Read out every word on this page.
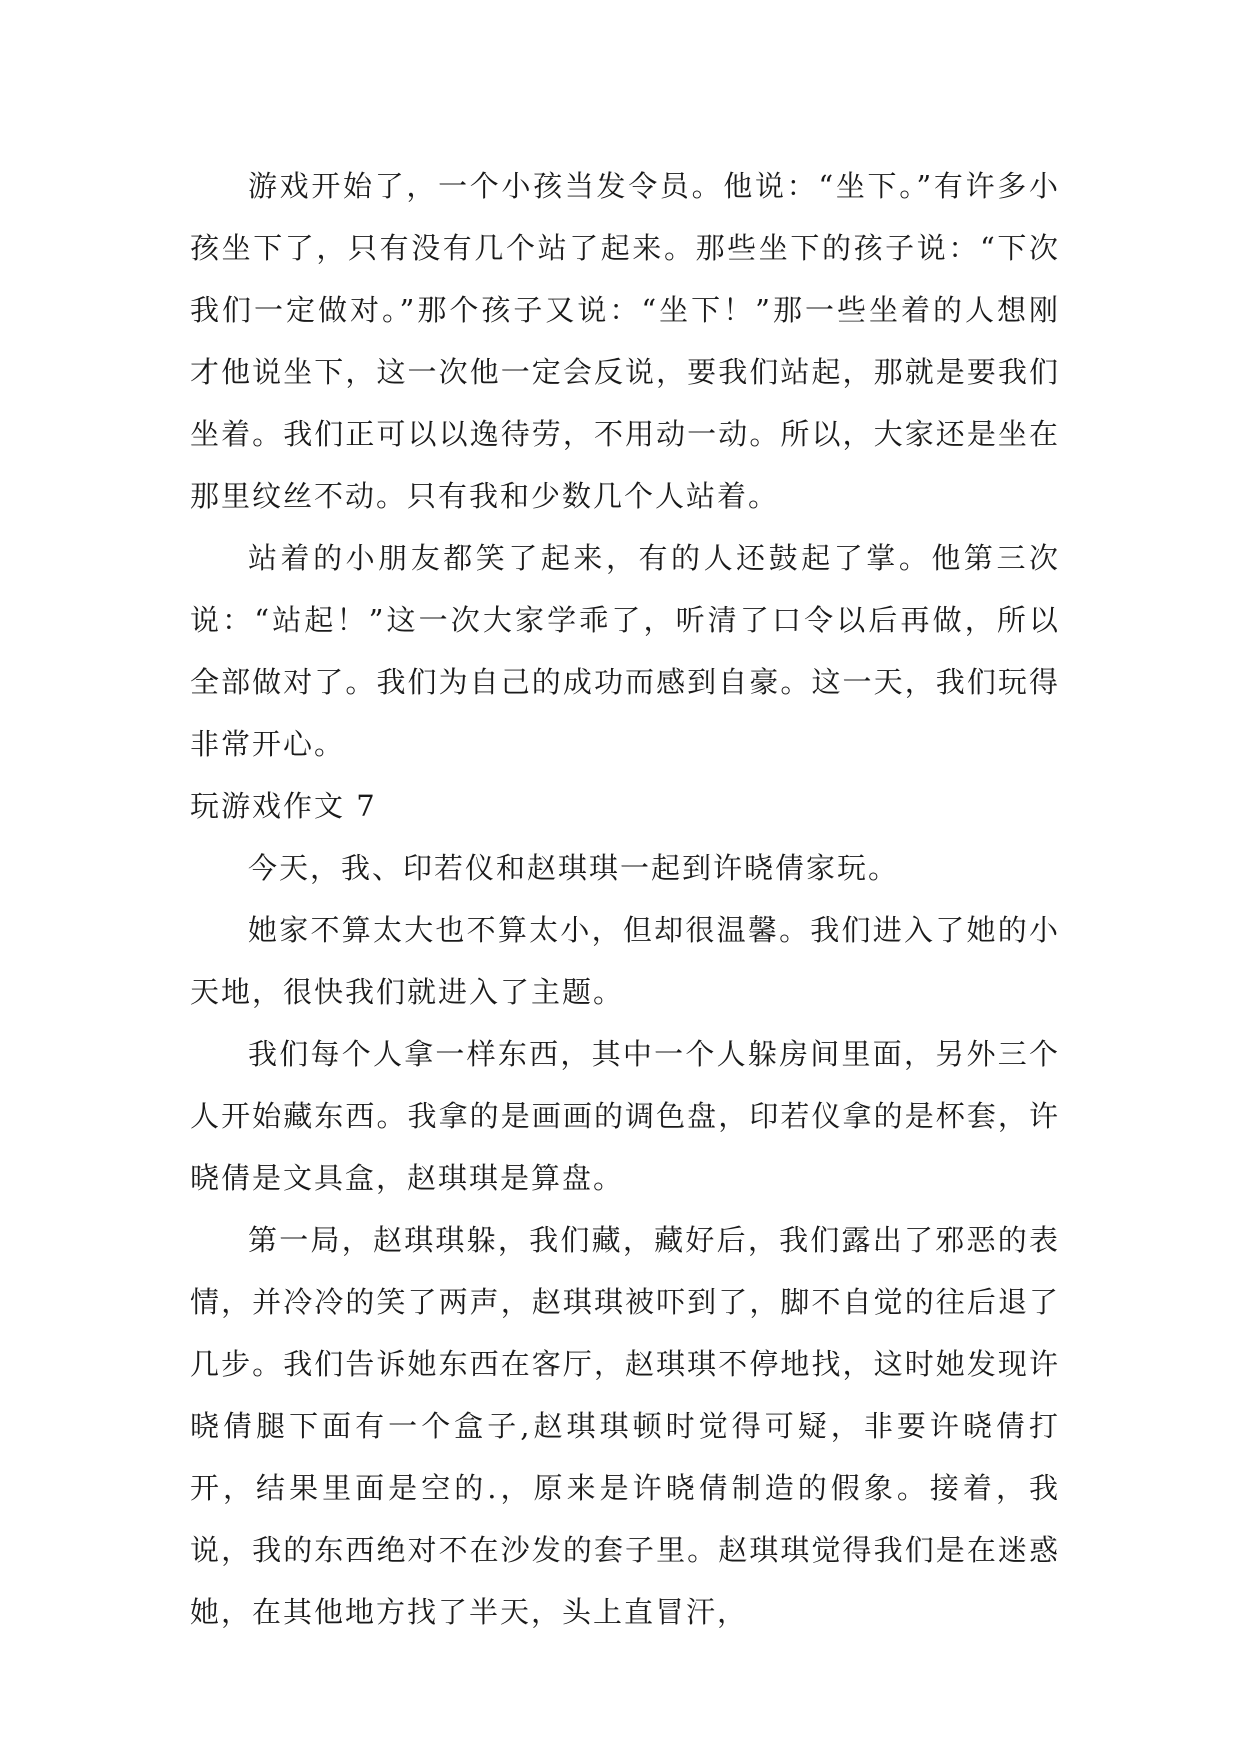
游戏开始了，一个小孩当发令员。他说：“坐下。”有许多小孩坐下了，只有没有几个站了起来。那些坐下的孩子说：“下次我们一定做对。”那个孩子又说：“坐下！”那一些坐着的人想刚才他说坐下，这一次他一定会反说，要我们站起，那就是要我们坐着。我们正可以以逸待劳，不用动一动。所以，大家还是坐在那里纹丝不动。只有我和少数几个人站着。

站着的小朋友都笑了起来，有的人还鼓起了掌。他第三次说：“站起！”这一次大家学乖了，听清了口令以后再做，所以全部做对了。我们为自己的成功而感到自豪。这一天，我们玩得非常开心。

玩游戏作文 7

今天，我、印若仪和赵琪琪一起到许晓倩家玩。

她家不算太大也不算太小，但却很温馨。我们进入了她的小天地，很快我们就进入了主题。

我们每个人拿一样东西，其中一个人躲房间里面，另外三个人开始藏东西。我拿的是画画的调色盘，印若仪拿的是杯套，许晓倩是文具盒，赵琪琪是算盘。

第一局，赵琪琪躲，我们藏，藏好后，我们露出了邪恶的表情，并冷冷的笑了两声，赵琪琪被吓到了，脚不自觉的往后退了几步。我们告诉她东西在客厅，赵琪琪不停地找，这时她发现许晓倩腿下面有一个盒子,赵琪琪顿时觉得可疑，非要许晓倩打开，结果里面是空的.，原来是许晓倩制造的假象。接着，我说，我的东西绝对不在沙发的套子里。赵琪琪觉得我们是在迷惑她，在其他地方找了半天，头上直冒汗，
